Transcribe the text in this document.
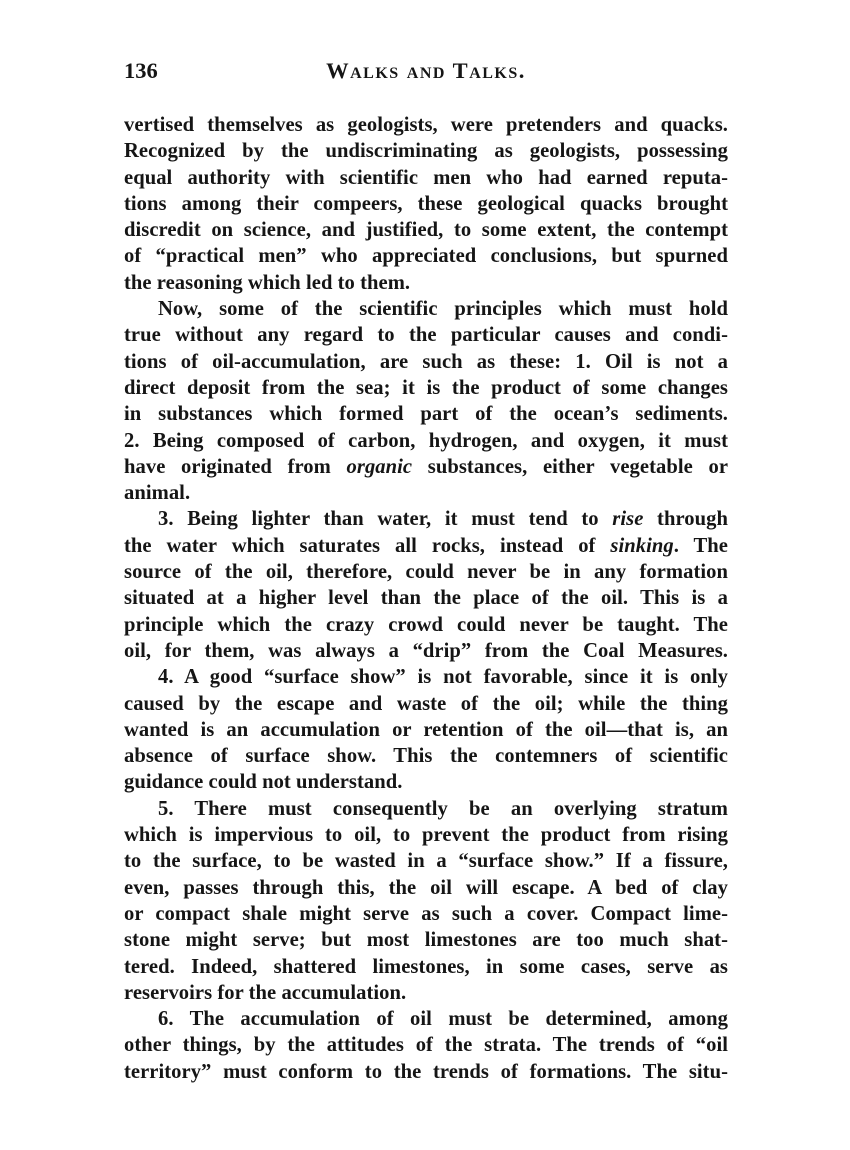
136	Walks and Talks.

vertised themselves as geologists, were pretenders and quacks.

Recognized by the undiscriminating as geologists, possessing

equal authority with scientific men who had earned reputa-

tions among their compeers, these geological quacks brought

discredit on science, and justified, to some extent, the contempt

of “practical men” who appreciated conclusions, but spurned

the reasoning which led to them.

Now, some of the scientific principles which must hold

true without any regard to the particular causes and condi-

tions of oil-accumulation, are such as these: 1. Oil is not a

direct deposit from the sea; it is the product of some changes

in substances which formed part of the ocean’s sediments.

2. Being composed of carbon, hydrogen, and oxygen, it must

have originated from organic substances, either vegetable or

animal.

3. Being lighter than water, it must tend to rise through

the water which saturates all rocks, instead of sinking. The

source of the oil, therefore, could never be in any formation

situated at a higher level than the place of the oil. This is a

principle which the crazy crowd could never be taught. The

oil, for them, was always a “drip” from the Coal Measures.

4. A good “surface show” is not favorable, since it is only

caused by the escape and waste of the oil; while the thing

wanted is an accumulation or retention of the oil—that is, an

absence of surface show. This the contemners of scientific

guidance could not understand.

5. There must consequently be an overlying stratum

which is impervious to oil, to prevent the product from rising

to the surface, to be wasted in a “surface show.” If a fissure,

even, passes through this, the oil will escape. A bed of clay

or compact shale might serve as such a cover. Compact lime-

stone might serve; but most limestones are too much shat-

tered. Indeed, shattered limestones, in some cases, serve as

reservoirs for the accumulation.

6. The accumulation of oil must be determined, among

other things, by the attitudes of the strata. The trends of “oil

territory” must conform to the trends of formations. The situ-
